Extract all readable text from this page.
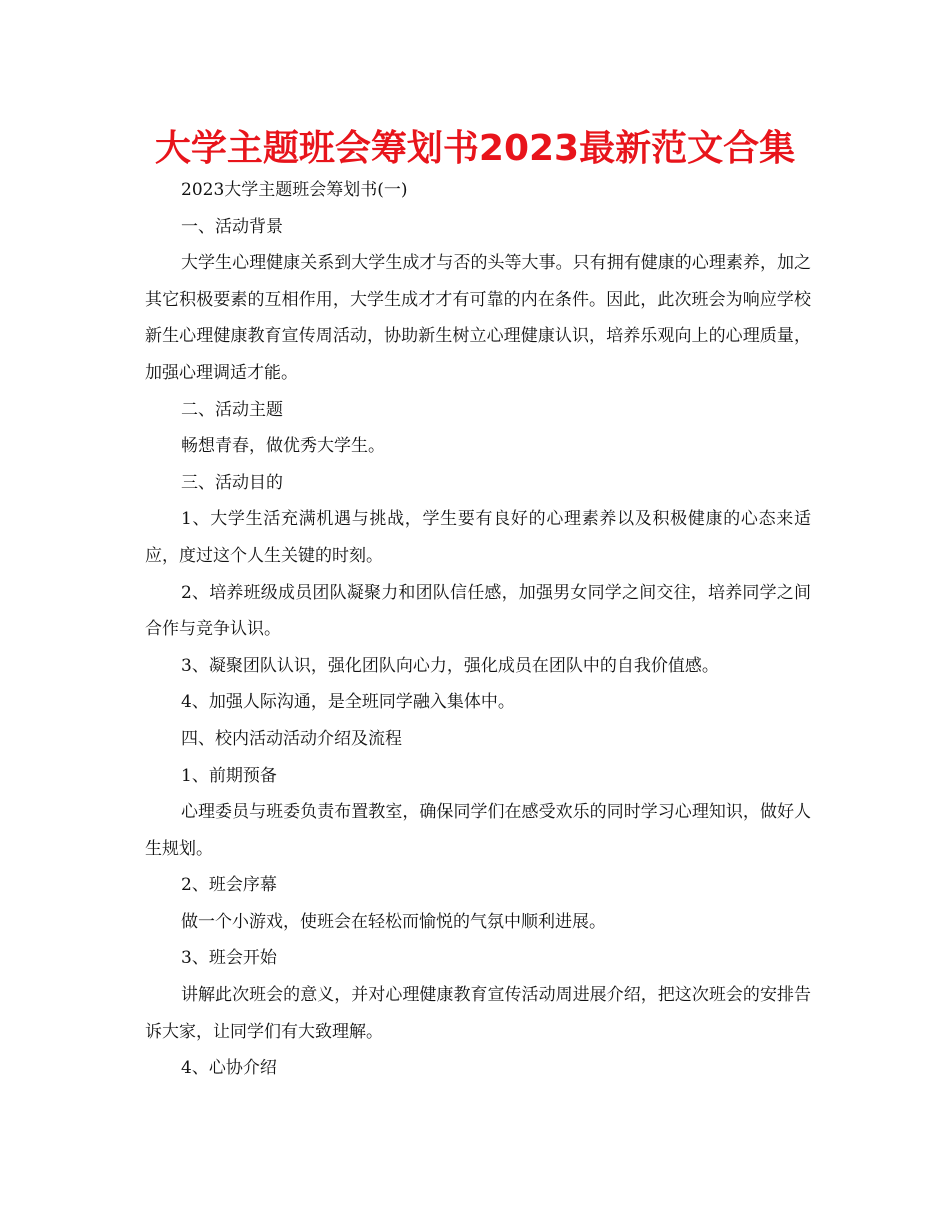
大学主题班会筹划书2023最新范文合集

2023大学主题班会筹划书(一)

一、活动背景

大学生心理健康关系到大学生成才与否的头等大事。只有拥有健康的心理素养，加之其它积极要素的互相作用，大学生成才才有可靠的内在条件。因此，此次班会为响应学校新生心理健康教育宣传周活动，协助新生树立心理健康认识，培养乐观向上的心理质量，加强心理调适才能。

二、活动主题

畅想青春，做优秀大学生。

三、活动目的

1、大学生活充满机遇与挑战，学生要有良好的心理素养以及积极健康的心态来适应，度过这个人生关键的时刻。

2、培养班级成员团队凝聚力和团队信任感，加强男女同学之间交往，培养同学之间合作与竞争认识。

3、凝聚团队认识，强化团队向心力，强化成员在团队中的自我价值感。

4、加强人际沟通，是全班同学融入集体中。

四、校内活动活动介绍及流程

1、前期预备

心理委员与班委负责布置教室，确保同学们在感受欢乐的同时学习心理知识，做好人生规划。

2、班会序幕

做一个小游戏，使班会在轻松而愉悦的气氛中顺利进展。

3、班会开始

讲解此次班会的意义，并对心理健康教育宣传活动周进展介绍，把这次班会的安排告诉大家，让同学们有大致理解。

4、心协介绍
